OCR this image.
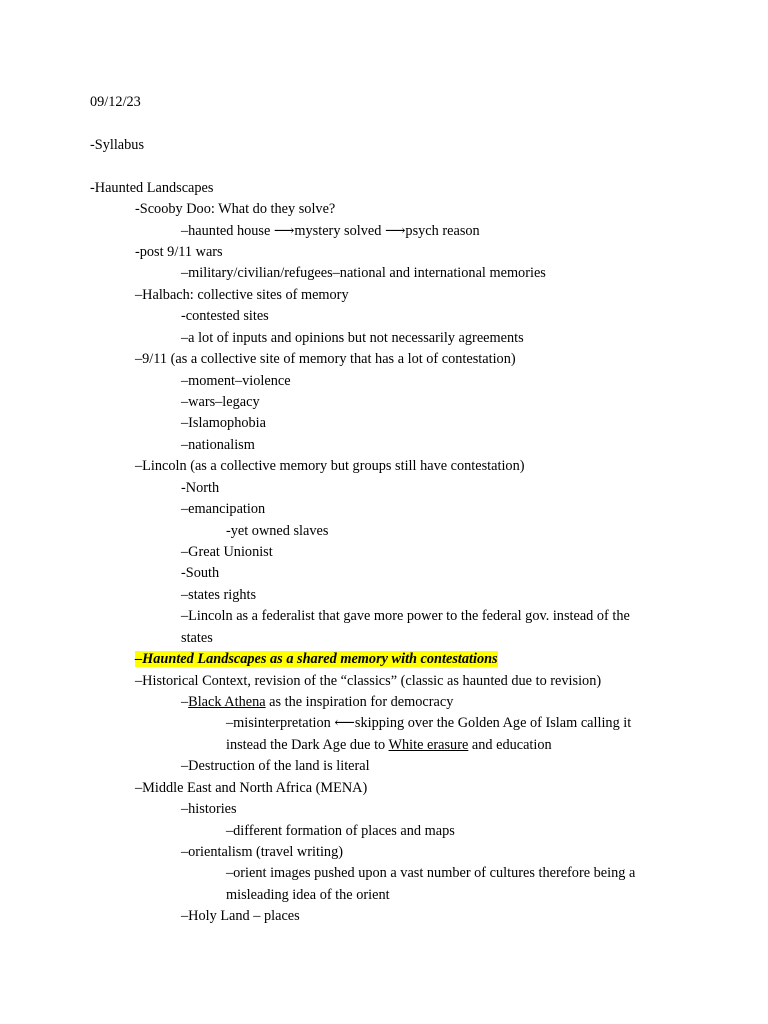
09/12/23
-Syllabus
-Haunted Landscapes
-Scooby Doo: What do they solve?
–haunted house ⟶mystery solved ⟶psych reason
-post 9/11 wars
–military/civilian/refugees–national and international memories
–Halbach: collective sites of memory
-contested sites
–a lot of inputs and opinions but not necessarily agreements
–9/11 (as a collective site of memory that has a lot of contestation)
–moment–violence
–wars–legacy
–Islamophobia
–nationalism
–Lincoln (as a collective memory but groups still have contestation)
-North
–emancipation
-yet owned slaves
–Great Unionist
-South
–states rights
–Lincoln as a federalist that gave more power to the federal gov. instead of the
states
–Haunted Landscapes as a shared memory with contestations
–Historical Context, revision of the “classics” (classic as haunted due to revision)
–Black Athena as the inspiration for democracy
–misinterpretation ⟵skipping over the Golden Age of Islam calling it
instead the Dark Age due to White erasure and education
–Destruction of the land is literal
–Middle East and North Africa (MENA)
–histories
–different formation of places and maps
–orientalism (travel writing)
–orient images pushed upon a vast number of cultures therefore being a
misleading idea of the orient
–Holy Land – places
